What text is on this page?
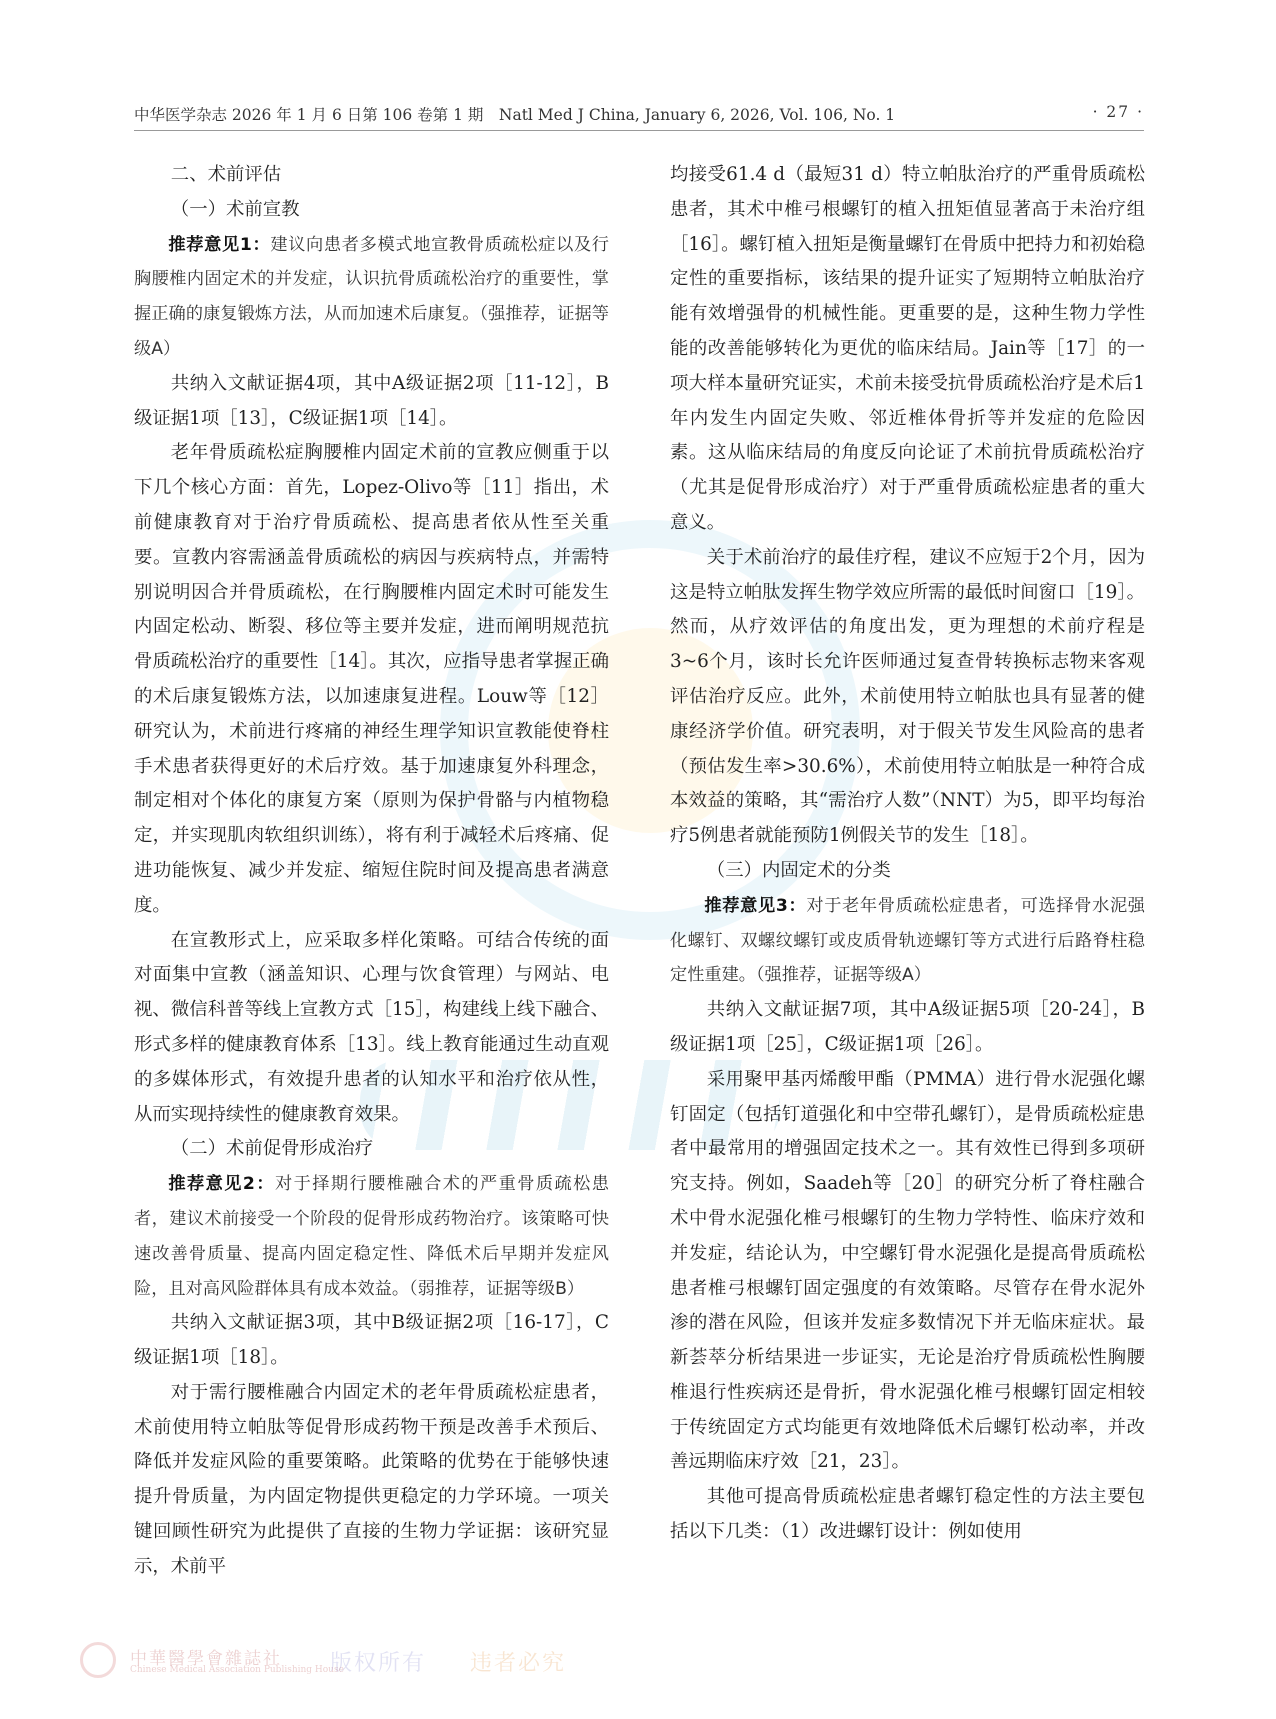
中华医学杂志 2026 年 1 月 6 日第 106 卷第 1 期　Natl Med J China, January 6, 2026, Vol. 106, No. 1	· 27 ·

二、术前评估

（一）术前宣教

推荐意见1：建议向患者多模式地宣教骨质疏松症以及行胸腰椎内固定术的并发症，认识抗骨质疏松治疗的重要性，掌握正确的康复锻炼方法，从而加速术后康复。（强推荐，证据等级A）

共纳入文献证据4项，其中A级证据2项［11-12］，B级证据1项［13］，C级证据1项［14］。

老年骨质疏松症胸腰椎内固定术前的宣教应侧重于以下几个核心方面：首先，Lopez-Olivo等［11］指出，术前健康教育对于治疗骨质疏松、提高患者依从性至关重要。宣教内容需涵盖骨质疏松的病因与疾病特点，并需特别说明因合并骨质疏松，在行胸腰椎内固定术时可能发生内固定松动、断裂、移位等主要并发症，进而阐明规范抗骨质疏松治疗的重要性［14］。其次，应指导患者掌握正确的术后康复锻炼方法，以加速康复进程。Louw等［12］研究认为，术前进行疼痛的神经生理学知识宣教能使脊柱手术患者获得更好的术后疗效。基于加速康复外科理念，制定相对个体化的康复方案（原则为保护骨骼与内植物稳定，并实现肌肉软组织训练），将有利于减轻术后疼痛、促进功能恢复、减少并发症、缩短住院时间及提高患者满意度。

在宣教形式上，应采取多样化策略。可结合传统的面对面集中宣教（涵盖知识、心理与饮食管理）与网站、电视、微信科普等线上宣教方式［15］，构建线上线下融合、形式多样的健康教育体系［13］。线上教育能通过生动直观的多媒体形式，有效提升患者的认知水平和治疗依从性，从而实现持续性的健康教育效果。

（二）术前促骨形成治疗

推荐意见2：对于择期行腰椎融合术的严重骨质疏松患者，建议术前接受一个阶段的促骨形成药物治疗。该策略可快速改善骨质量、提高内固定稳定性、降低术后早期并发症风险，且对高风险群体具有成本效益。（弱推荐，证据等级B）

共纳入文献证据3项，其中B级证据2项［16-17］，C级证据1项［18］。

对于需行腰椎融合内固定术的老年骨质疏松症患者，术前使用特立帕肽等促骨形成药物干预是改善手术预后、降低并发症风险的重要策略。此策略的优势在于能够快速提升骨质量，为内固定物提供更稳定的力学环境。一项关键回顾性研究为此提供了直接的生物力学证据：该研究显示，术前平

均接受61.4 d（最短31 d）特立帕肽治疗的严重骨质疏松患者，其术中椎弓根螺钉的植入扭矩值显著高于未治疗组［16］。螺钉植入扭矩是衡量螺钉在骨质中把持力和初始稳定性的重要指标，该结果的提升证实了短期特立帕肽治疗能有效增强骨的机械性能。更重要的是，这种生物力学性能的改善能够转化为更优的临床结局。Jain等［17］的一项大样本量研究证实，术前未接受抗骨质疏松治疗是术后1年内发生内固定失败、邻近椎体骨折等并发症的危险因素。这从临床结局的角度反向论证了术前抗骨质疏松治疗（尤其是促骨形成治疗）对于严重骨质疏松症患者的重大意义。

关于术前治疗的最佳疗程，建议不应短于2个月，因为这是特立帕肽发挥生物学效应所需的最低时间窗口［19］。然而，从疗效评估的角度出发，更为理想的术前疗程是3~6个月，该时长允许医师通过复查骨转换标志物来客观评估治疗反应。此外，术前使用特立帕肽也具有显著的健康经济学价值。研究表明，对于假关节发生风险高的患者（预估发生率>30.6%），术前使用特立帕肽是一种符合成本效益的策略，其“需治疗人数”（NNT）为5，即平均每治疗5例患者就能预防1例假关节的发生［18］。

（三）内固定术的分类

推荐意见3：对于老年骨质疏松症患者，可选择骨水泥强化螺钉、双螺纹螺钉或皮质骨轨迹螺钉等方式进行后路脊柱稳定性重建。（强推荐，证据等级A）

共纳入文献证据7项，其中A级证据5项［20-24］，B级证据1项［25］，C级证据1项［26］。

采用聚甲基丙烯酸甲酯（PMMA）进行骨水泥强化螺钉固定（包括钉道强化和中空带孔螺钉），是骨质疏松症患者中最常用的增强固定技术之一。其有效性已得到多项研究支持。例如，Saadeh等［20］的研究分析了脊柱融合术中骨水泥强化椎弓根螺钉的生物力学特性、临床疗效和并发症，结论认为，中空螺钉骨水泥强化是提高骨质疏松患者椎弓根螺钉固定强度的有效策略。尽管存在骨水泥外渗的潜在风险，但该并发症多数情况下并无临床症状。最新荟萃分析结果进一步证实，无论是治疗骨质疏松性胸腰椎退行性疾病还是骨折，骨水泥强化椎弓根螺钉固定相较于传统固定方式均能更有效地降低术后螺钉松动率，并改善远期临床疗效［21，23］。

其他可提高骨质疏松症患者螺钉稳定性的方法主要包括以下几类：（1）改进螺钉设计：例如使用

中華醫學會雜誌社
Chinese Medical Association Publishing House
版权所有 违者必究
